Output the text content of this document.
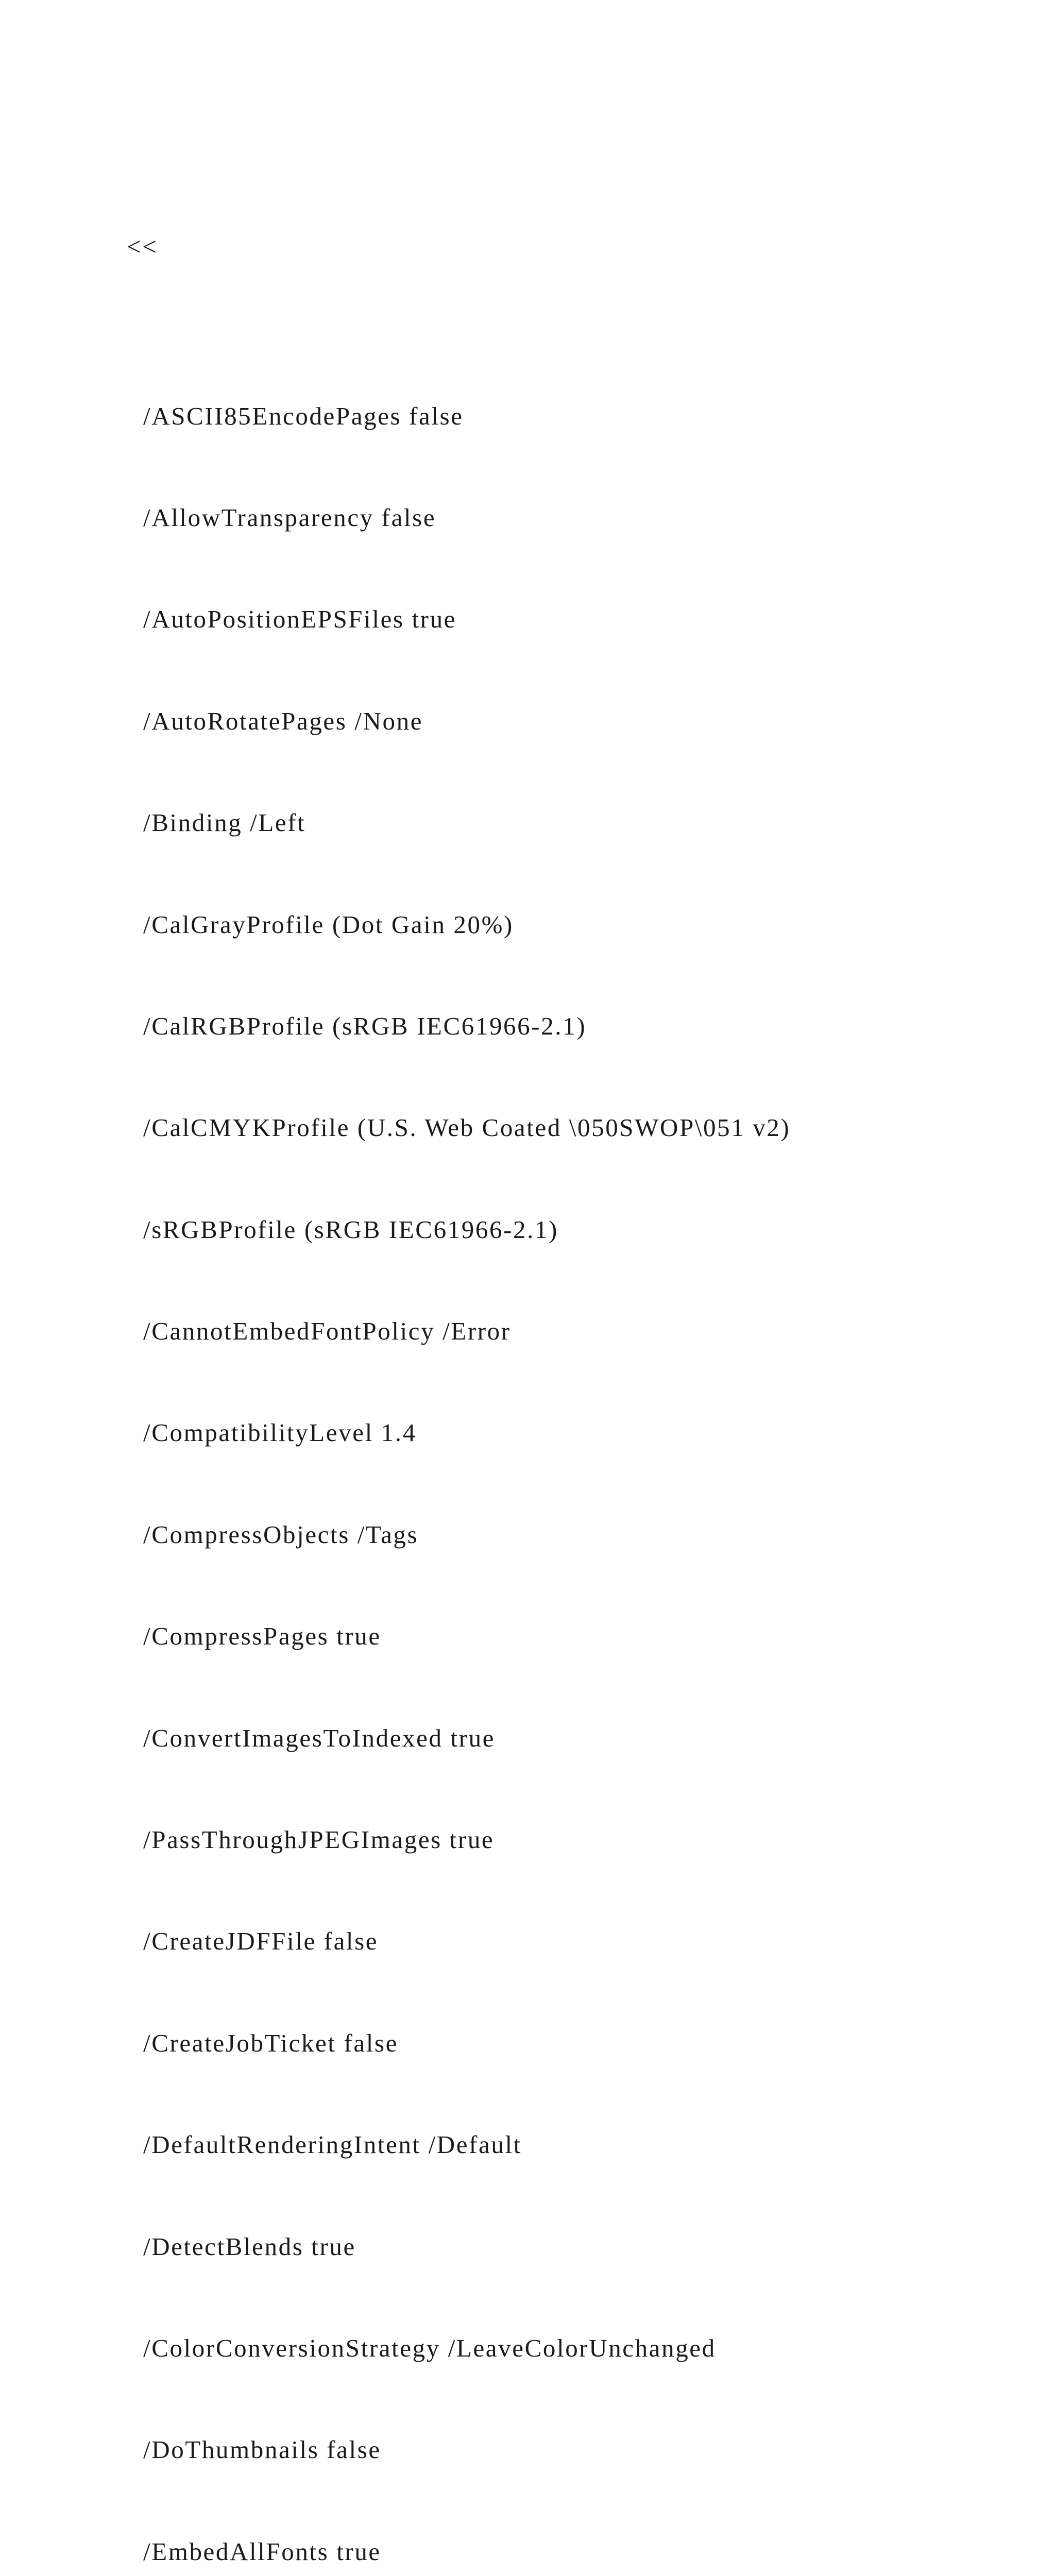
<<

/ASCII85EncodePages false

/AllowTransparency false

/AutoPositionEPSFiles true

/AutoRotatePages /None

/Binding /Left

/CalGrayProfile (Dot Gain 20%)

/CalRGBProfile (sRGB IEC61966-2.1)

/CalCMYKProfile (U.S. Web Coated \050SWOP\051 v2)

/sRGBProfile (sRGB IEC61966-2.1)

/CannotEmbedFontPolicy /Error

/CompatibilityLevel 1.4

/CompressObjects /Tags

/CompressPages true

/ConvertImagesToIndexed true

/PassThroughJPEGImages true

/CreateJDFFile false

/CreateJobTicket false

/DefaultRenderingIntent /Default

/DetectBlends true

/ColorConversionStrategy /LeaveColorUnchanged

/DoThumbnails false

/EmbedAllFonts true
